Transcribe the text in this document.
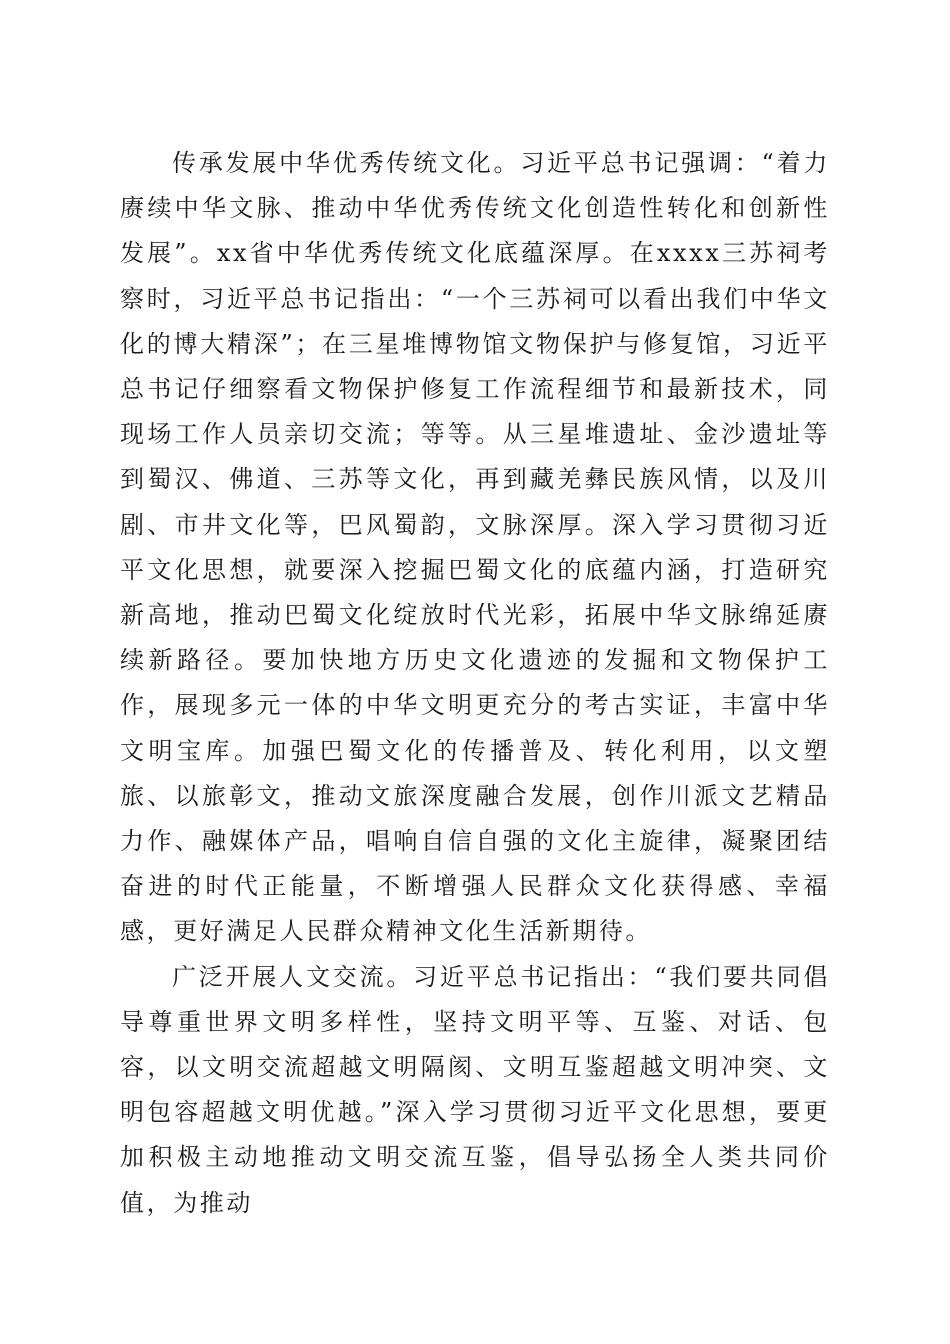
传承发展中华优秀传统文化。习近平总书记强调：“着力赓续中华文脉、推动中华优秀传统文化创造性转化和创新性发展”。xx省中华优秀传统文化底蕴深厚。在xxxx三苏祠考察时，习近平总书记指出：“一个三苏祠可以看出我们中华文化的博大精深”；在三星堆博物馆文物保护与修复馆，习近平总书记仔细察看文物保护修复工作流程细节和最新技术，同现场工作人员亲切交流；等等。从三星堆遗址、金沙遗址等到蜀汉、佛道、三苏等文化，再到藏羌彝民族风情，以及川剧、市井文化等，巴风蜀韵，文脉深厚。深入学习贯彻习近平文化思想，就要深入挖掘巴蜀文化的底蕴内涵，打造研究新高地，推动巴蜀文化绽放时代光彩，拓展中华文脉绵延赓续新路径。要加快地方历史文化遗迹的发掘和文物保护工作，展现多元一体的中华文明更充分的考古实证，丰富中华文明宝库。加强巴蜀文化的传播普及、转化利用，以文塑旅、以旅彰文，推动文旅深度融合发展，创作川派文艺精品力作、融媒体产品，唱响自信自强的文化主旋律，凝聚团结奋进的时代正能量，不断增强人民群众文化获得感、幸福感，更好满足人民群众精神文化生活新期待。

广泛开展人文交流。习近平总书记指出：“我们要共同倡导尊重世界文明多样性，坚持文明平等、互鉴、对话、包容，以文明交流超越文明隔阂、文明互鉴超越文明冲突、文明包容超越文明优越。”深入学习贯彻习近平文化思想，要更加积极主动地推动文明交流互鉴，倡导弘扬全人类共同价值，为推动
